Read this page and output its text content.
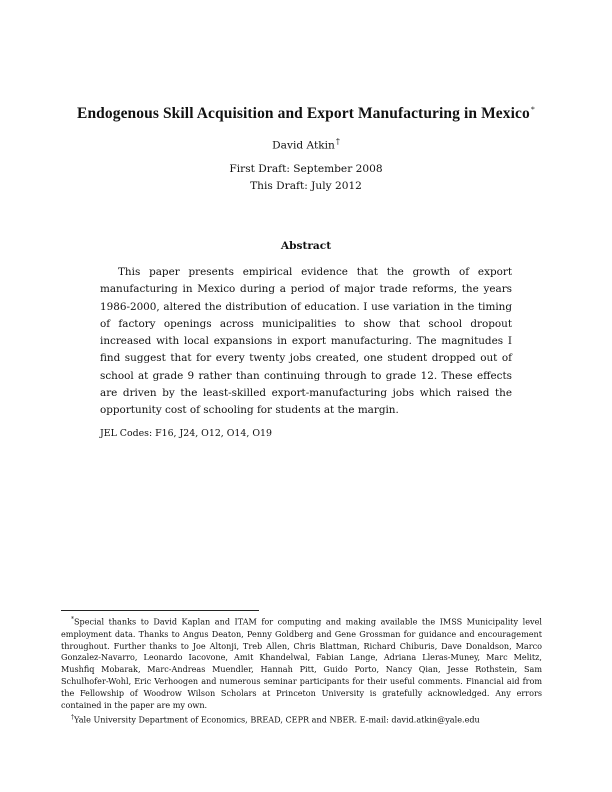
Endogenous Skill Acquisition and Export Manufacturing in Mexico*
David Atkin†
First Draft: September 2008
This Draft: July 2012
Abstract

This paper presents empirical evidence that the growth of export manufacturing in Mexico during a period of major trade reforms, the years 1986-2000, altered the distribution of education. I use variation in the timing of factory openings across municipalities to show that school dropout increased with local expansions in export manufacturing. The magnitudes I find suggest that for every twenty jobs created, one student dropped out of school at grade 9 rather than continuing through to grade 12. These effects are driven by the least-skilled export-manufacturing jobs which raised the opportunity cost of schooling for students at the margin.

JEL Codes: F16, J24, O12, O14, O19

*Special thanks to David Kaplan and ITAM for computing and making available the IMSS Municipality level employment data. Thanks to Angus Deaton, Penny Goldberg and Gene Grossman for guidance and encouragement throughout. Further thanks to Joe Altonji, Treb Allen, Chris Blattman, Richard Chiburis, Dave Donaldson, Marco Gonzalez-Navarro, Leonardo Iacovone, Amit Khandelwal, Fabian Lange, Adriana Lleras-Muney, Marc Melitz, Mushfiq Mobarak, Marc-Andreas Muendler, Hannah Pitt, Guido Porto, Nancy Qian, Jesse Rothstein, Sam Schulhofer-Wohl, Eric Verhoogen and numerous seminar participants for their useful comments. Financial aid from the Fellowship of Woodrow Wilson Scholars at Princeton University is gratefully acknowledged. Any errors contained in the paper are my own.

†Yale University Department of Economics, BREAD, CEPR and NBER. E-mail: david.atkin@yale.edu
